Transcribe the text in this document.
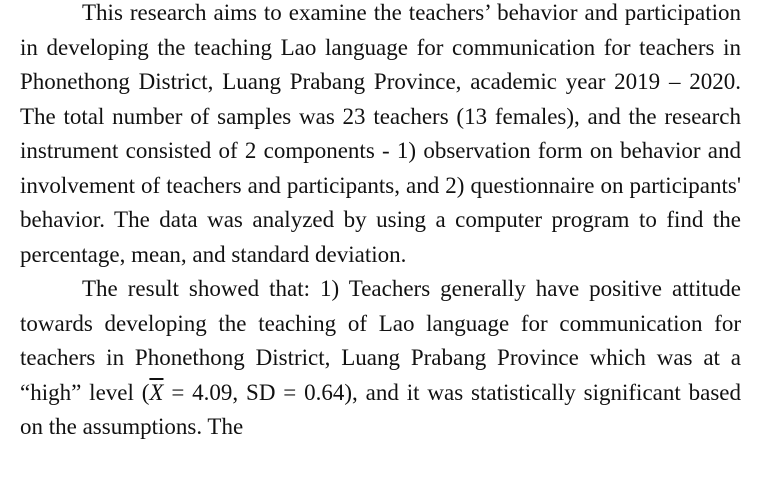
This research aims to examine the teachers’ behavior and participation in developing the teaching Lao language for communication for teachers in Phonethong District, Luang Prabang Province, academic year 2019 – 2020. The total number of samples was 23 teachers (13 females), and the research instrument consisted of 2 components - 1) observation form on behavior and involvement of teachers and participants, and 2) questionnaire on participants' behavior. The data was analyzed by using a computer program to find the percentage, mean, and standard deviation.

The result showed that: 1) Teachers generally have positive attitude towards developing the teaching of Lao language for communication for teachers in Phonethong District, Luang Prabang Province which was at a “high” level ($\overline{X} = 4.09$, SD = 0.64), and it was statistically significant based on the assumptions. The
